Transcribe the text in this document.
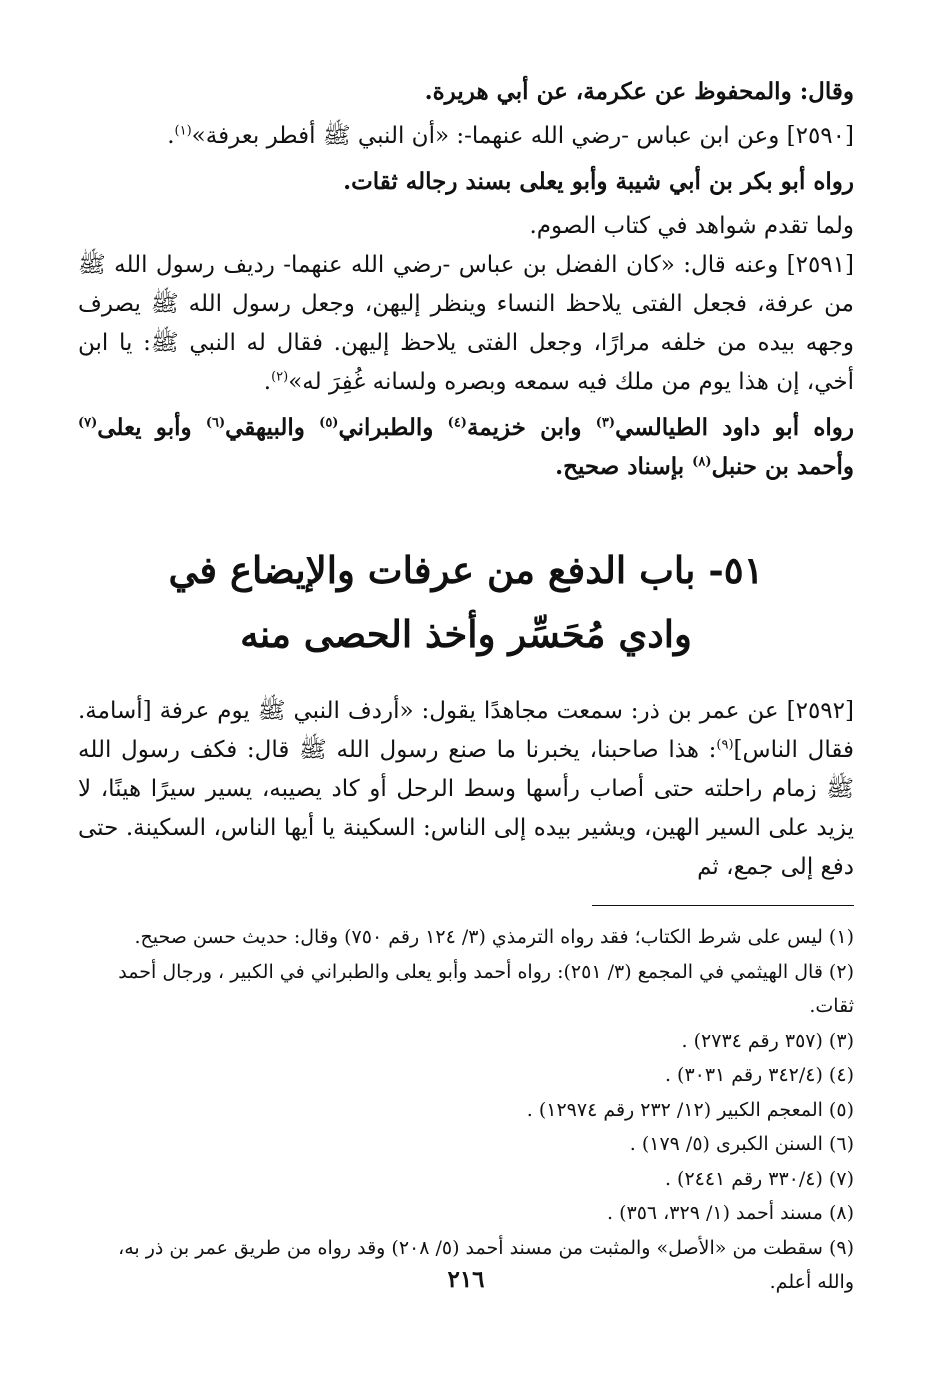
وقال: والمحفوظ عن عكرمة، عن أبي هريرة.

[٢٥٩٠] وعن ابن عباس -رضي الله عنهما-: «أن النبي ﷺ أفطر بعرفة»$^{(١)}$.

رواه أبو بكر بن أبي شيبة وأبو يعلى بسند رجاله ثقات.

ولما تقدم شواهد في كتاب الصوم.

[٢٥٩١] وعنه قال: «كان الفضل بن عباس -رضي الله عنهما- رديف رسول الله ﷺ من عرفة، فجعل الفتى يلاحظ النساء وينظر إليهن، وجعل رسول الله ﷺ يصرف وجهه بيده من خلفه مرارًا، وجعل الفتى يلاحظ إليهن. فقال له النبي ﷺ: يا ابن أخي، إن هذا يوم من ملك فيه سمعه وبصره ولسانه غُفِرَ له»$^{(٢)}$.

رواه أبو داود الطيالسي$^{(٣)}$ وابن خزيمة$^{(٤)}$ والطبراني$^{(٥)}$ والبيهقي$^{(٦)}$ وأبو يعلى$^{(٧)}$ وأحمد بن حنبل$^{(٨)}$ بإسناد صحيح.

٥١- باب الدفع من عرفات والإيضاع في
وادي مُحَسِّر وأخذ الحصى منه

[٢٥٩٢] عن عمر بن ذر: سمعت مجاهدًا يقول: «أردف النبي ﷺ يوم عرفة [أسامة. فقال الناس]$^{(٩)}$: هذا صاحبنا، يخبرنا ما صنع رسول الله ﷺ قال: فكف رسول الله ﷺ زمام راحلته حتى أصاب رأسها وسط الرحل أو كاد يصيبه، يسير سيرًا هينًا، لا يزيد على السير الهين، ويشير بيده إلى الناس: السكينة يا أيها الناس، السكينة. حتى دفع إلى جمع، ثم

(١) ليس على شرط الكتاب؛ فقد رواه الترمذي (٣/ ١٢٤ رقم ٧٥٠) وقال: حديث حسن صحيح.
(٢) قال الهيثمي في المجمع (٣/ ٢٥١): رواه أحمد وأبو يعلى والطبراني في الكبير ، ورجال أحمد ثقات.
(٣) (٣٥٧ رقم ٢٧٣٤) .
(٤) (٣٤٢/٤ رقم ٣٠٣١) .
(٥) المعجم الكبير (١٢/ ٢٣٢ رقم ١٢٩٧٤) .
(٦) السنن الكبرى (٥/ ١٧٩) .
(٧) (٣٣٠/٤ رقم ٢٤٤١) .
(٨) مسند أحمد (١/ ٣٢٩، ٣٥٦) .
(٩) سقطت من «الأصل» والمثبت من مسند أحمد (٥/ ٢٠٨) وقد رواه من طريق عمر بن ذر به، والله أعلم.
٢١٦
